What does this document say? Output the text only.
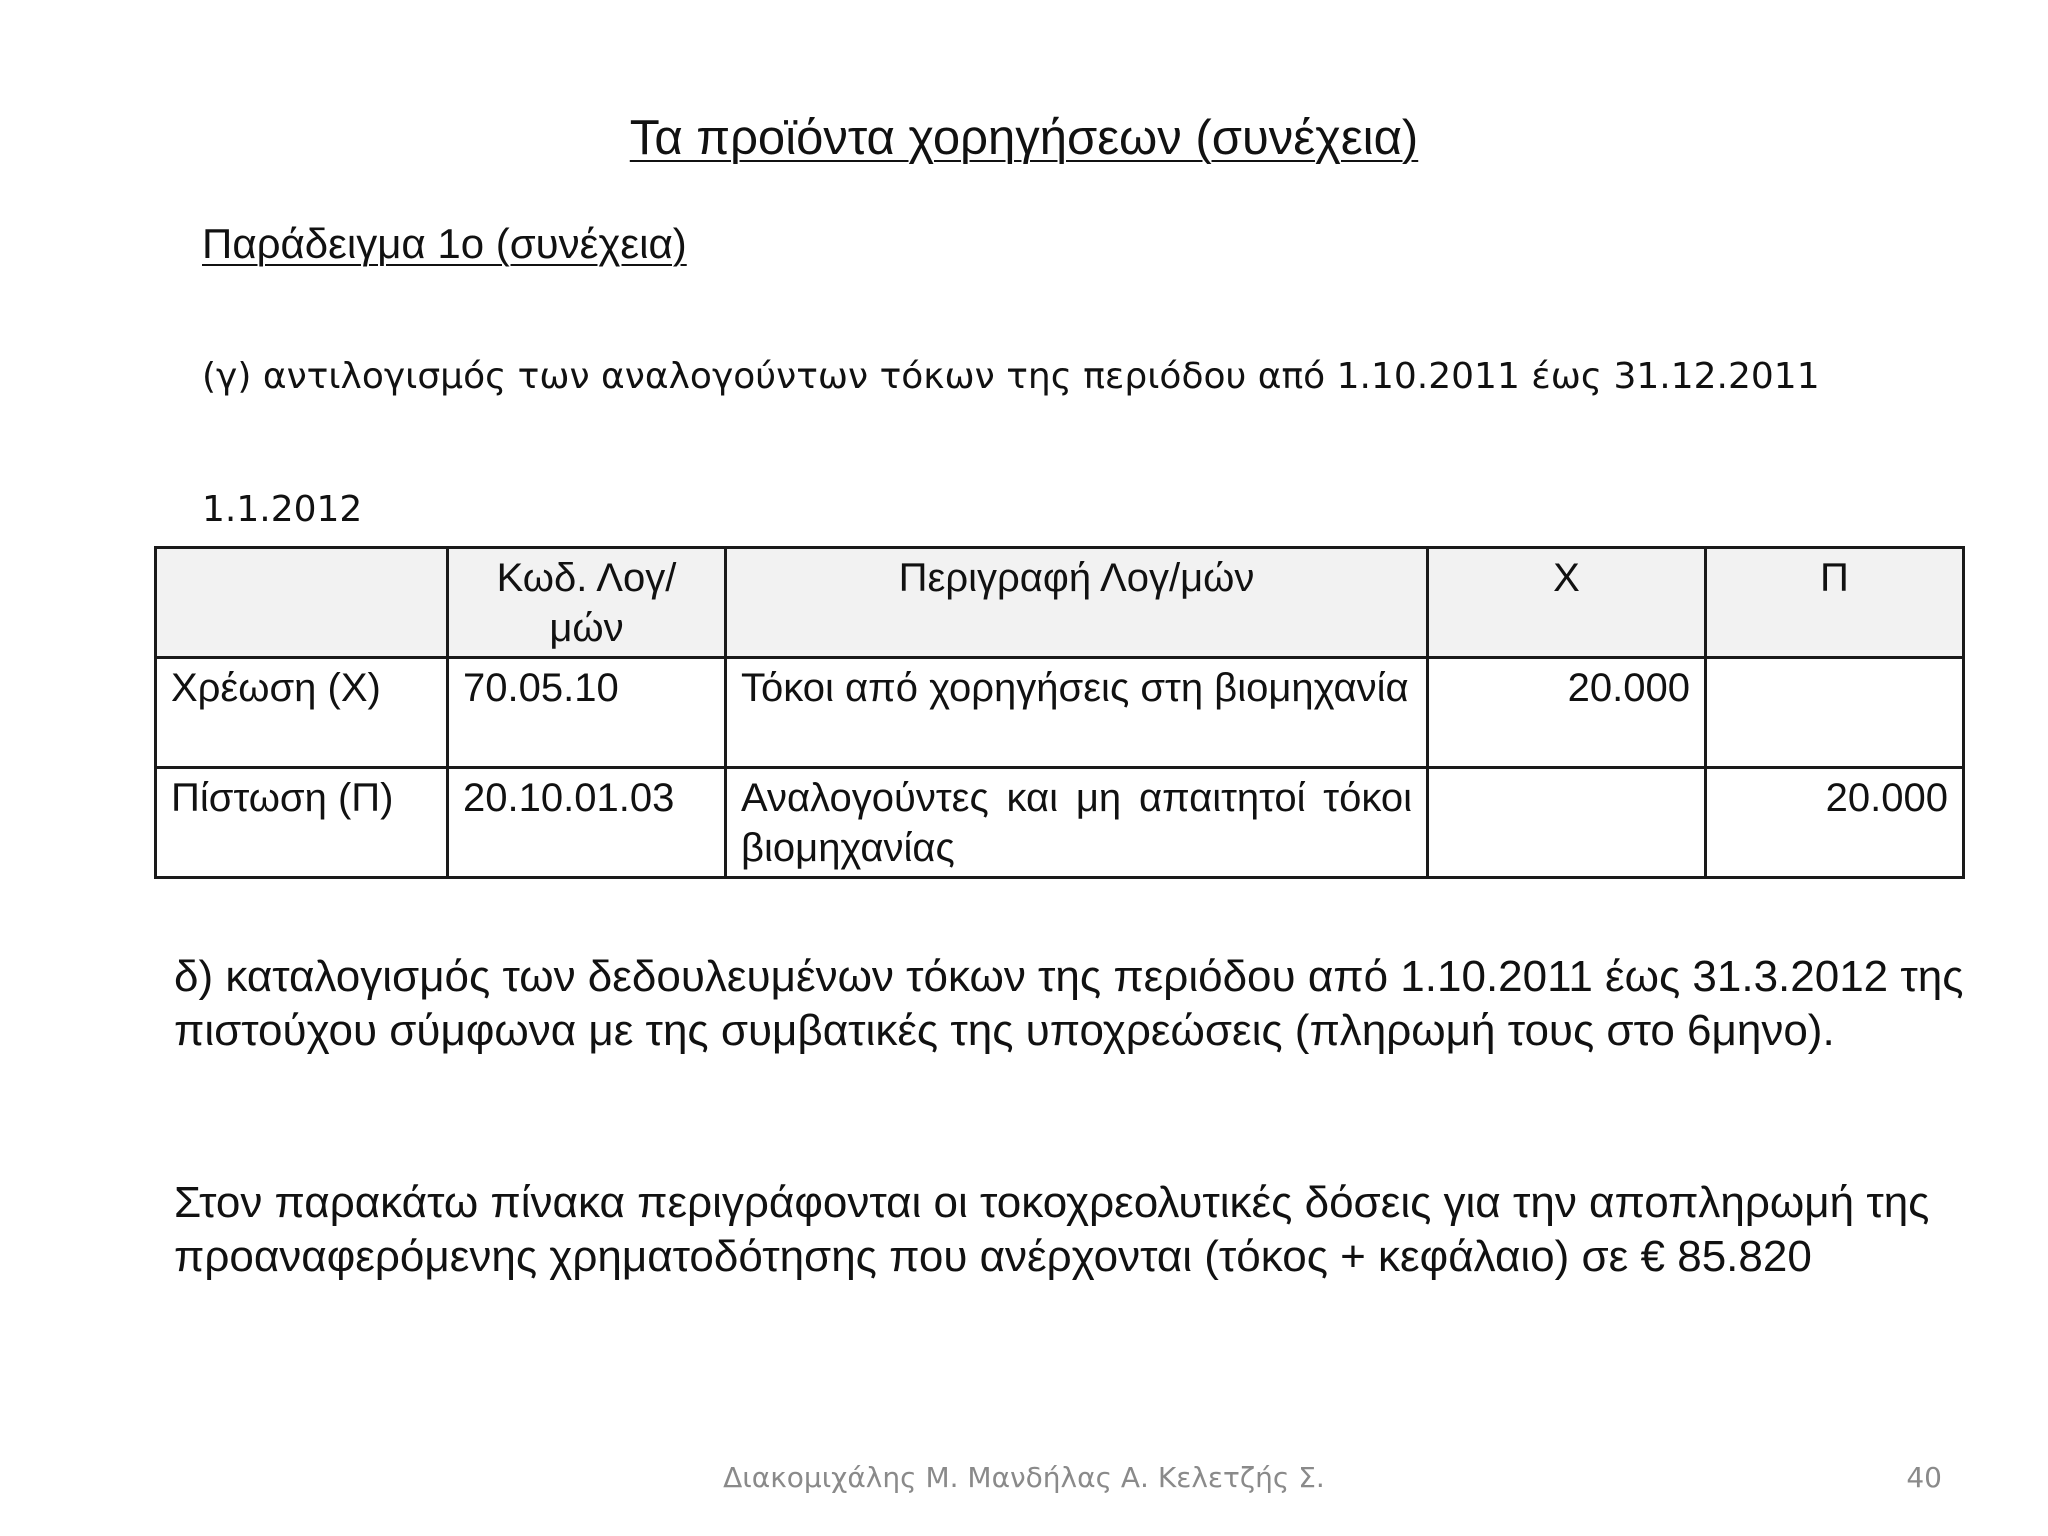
Τα προϊόντα χορηγήσεων (συνέχεια)
Παράδειγμα 1ο (συνέχεια)
(γ) αντιλογισμός των αναλογούντων τόκων της περιόδου από 1.10.2011 έως 31.12.2011
1.1.2012
	Κωδ. Λογ/μών	Περιγραφή Λογ/μών	Χ	Π
Χρέωση (Χ)	70.05.10	Τόκοι από χορηγήσεις στη βιομηχανία	20.000	
Πίστωση (Π)	20.10.01.03	Αναλογούντες και μη απαιτητοί τόκοι βιομηχανίας		20.000
δ) καταλογισμός των δεδουλευμένων τόκων της περιόδου από 1.10.2011 έως 31.3.2012 της πιστούχου σύμφωνα με της συμβατικές της υποχρεώσεις (πληρωμή τους στο 6μηνο).
Στον παρακάτω πίνακα περιγράφονται οι τοκοχρεολυτικές δόσεις για την αποπληρωμή της προαναφερόμενης χρηματοδότησης που ανέρχονται (τόκος + κεφάλαιο) σε € 85.820
Διακομιχάλης Μ. Μανδήλας Α. Κελετζής Σ.	40
